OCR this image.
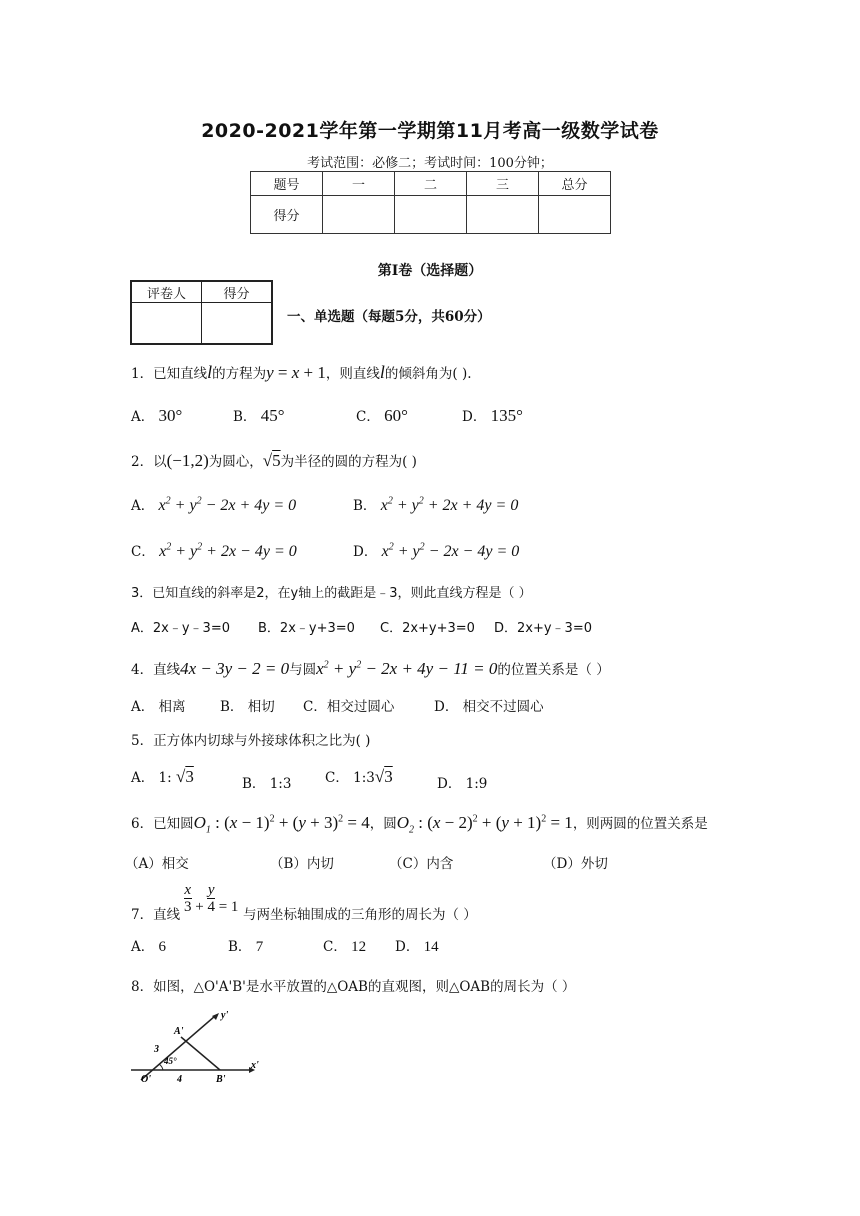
2020-2021学年第一学期第11月考高一级数学试卷
考试范围：必修二；考试时间：100分钟；
题号	一	二	三	总分
得分				
第I卷（选择题）
评卷人	得分

一、单选题（每题5分，共60分）
1．已知直线l的方程为y = x + 1，则直线l的倾斜角为( ).
A． 30°	B． 45°	C． 60°	D． 135°
2．以(−1,2)为圆心，√5为半径的圆的方程为( )
A． $x^2 + y^2 - 2x + 4y = 0$	B． $x^2 + y^2 + 2x + 4y = 0$
C． $x^2 + y^2 + 2x - 4y = 0$	D． $x^2 + y^2 - 2x - 4y = 0$
3．已知直线的斜率是2，在y轴上的截距是﹣3，则此直线方程是（ ）
A．2x﹣y﹣3=0 B．2x﹣y+3=0 C．2x+y+3=0 D．2x+y﹣3=0
4．直线4x − 3y − 2 = 0与圆$x^2 + y^2 - 2x + 4y - 11 = 0$的位置关系是（ ）
A． 相离	B． 相切 C．相交过圆心	D． 相交不过圆心
5．正方体内切球与外接球体积之比为( )
A． 1: √3	B． 1:3 C． 1:3√3	D． 1:9
6．已知圆$O_1$ : $(x - 1)^2 + (y + 3)^2 = 4$，圆$O_2$ : $(x - 2)^2 + (y + 1)^2 = 1$，则两圆的位置关系是
（A）相交	（B）内切	（C）内含	（D）外切
7．直线
x
3 + y
4 = 1 与两坐标轴围成的三角形的周长为（ ）
A． 6	B． 7	C． 12 D． 14
8．如图，△O'A'B'是水平放置的△OAB的直观图，则△OAB的周长为（ ）
y'
A'
3
45°
O'	4	B'
x'
